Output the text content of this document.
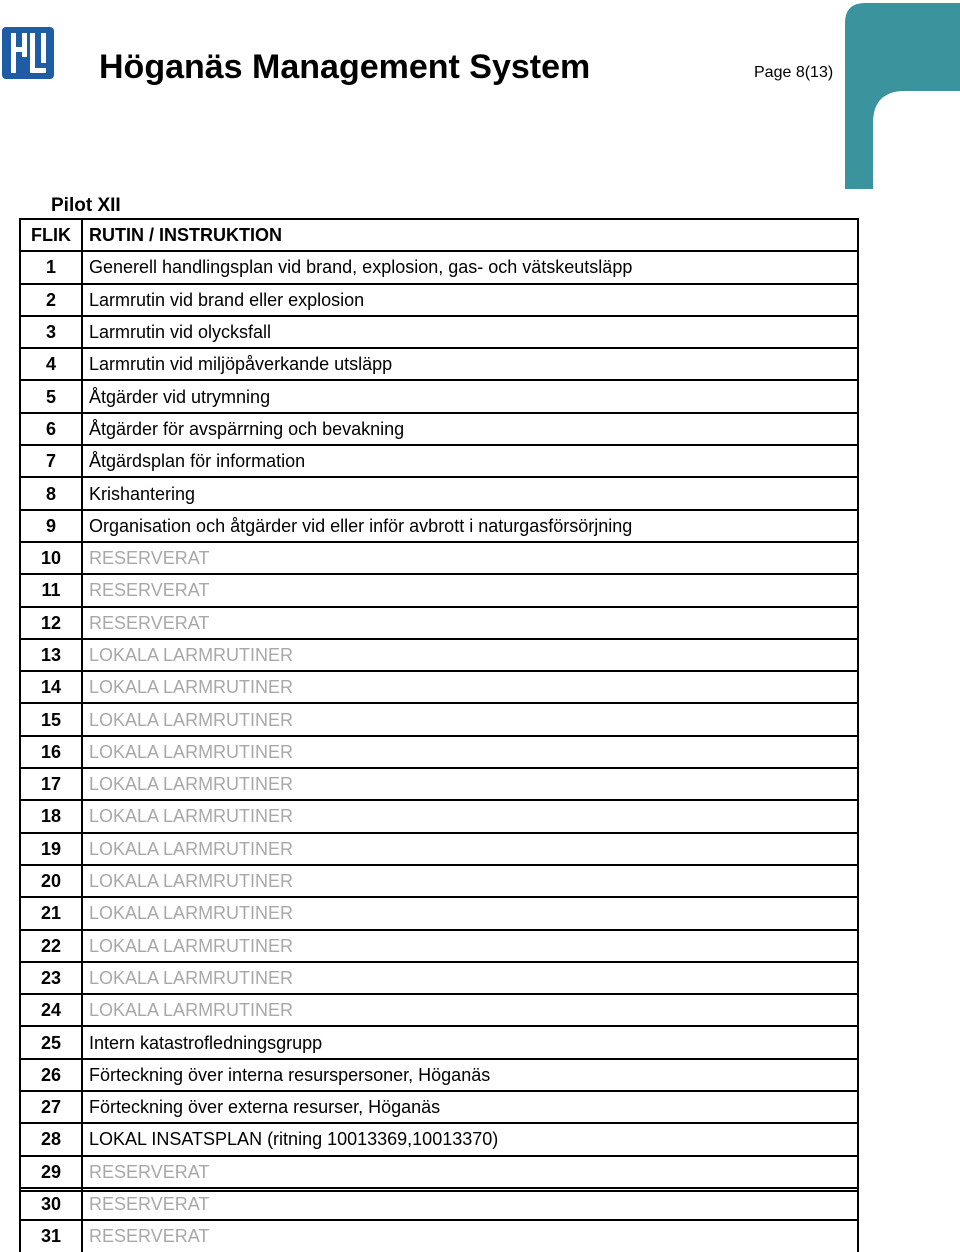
Höganäs Management System	Page 8(13)
Pilot XII
FLIK	RUTIN / INSTRUKTION
1	Generell handlingsplan vid brand, explosion, gas- och vätskeutsläpp
2	Larmrutin vid brand eller explosion
3	Larmrutin vid olycksfall
4	Larmrutin vid miljöpåverkande utsläpp
5	Åtgärder vid utrymning
6	Åtgärder för avspärrning och bevakning
7	Åtgärdsplan för information
8	Krishantering
9	Organisation och åtgärder vid eller inför avbrott i naturgasförsörjning
10	RESERVERAT
11	RESERVERAT
12	RESERVERAT
13	LOKALA LARMRUTINER
14	LOKALA LARMRUTINER
15	LOKALA LARMRUTINER
16	LOKALA LARMRUTINER
17	LOKALA LARMRUTINER
18	LOKALA LARMRUTINER
19	LOKALA LARMRUTINER
20	LOKALA LARMRUTINER
21	LOKALA LARMRUTINER
22	LOKALA LARMRUTINER
23	LOKALA LARMRUTINER
24	LOKALA LARMRUTINER
25	Intern katastrofledningsgrupp
26	Förteckning över interna resurspersoner, Höganäs
27	Förteckning över externa resurser, Höganäs
28	LOKAL INSATSPLAN (ritning 10013369,10013370)
29	RESERVERAT
30	RESERVERAT
31	RESERVERAT
